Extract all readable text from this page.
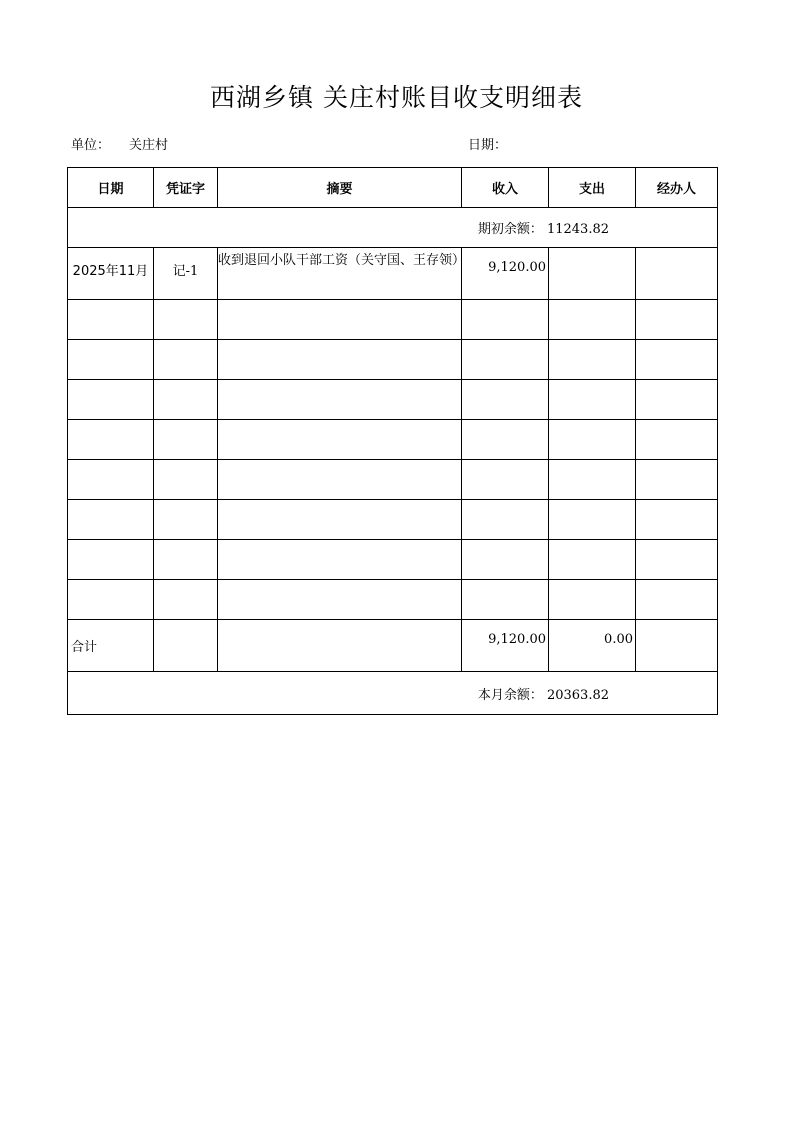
西湖乡镇 关庄村账目收支明细表
单位： 关庄村	日期：
日期	凭证字	摘要	收入	支出	经办人
期初余额： 11243.82					
2025年11月	记-1	收到退回小队干部工资（关守国、王存领）	9,120.00		

合计			9,120.00	0.00	
本月余额： 20363.82					
